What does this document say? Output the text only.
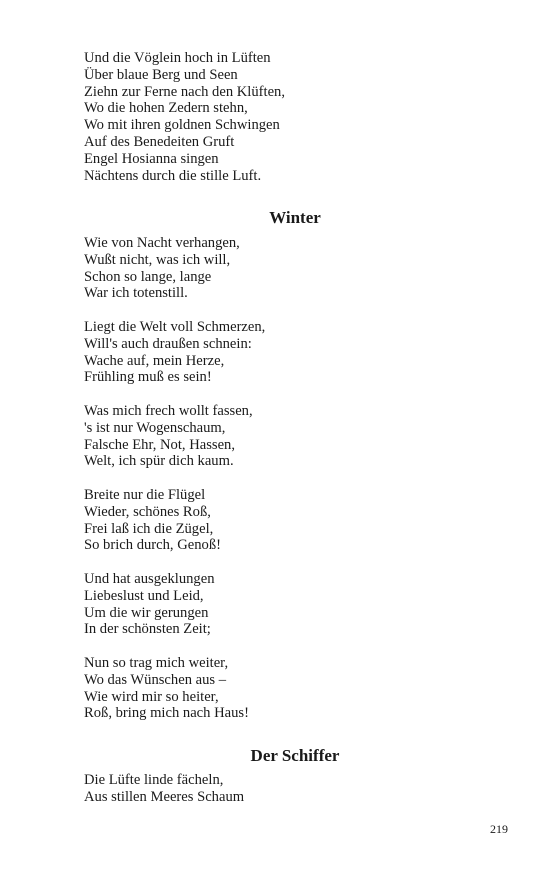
Und die Vöglein hoch in Lüften
Über blaue Berg und Seen
Ziehn zur Ferne nach den Klüften,
Wo die hohen Zedern stehn,
Wo mit ihren goldnen Schwingen
Auf des Benedeiten Gruft
Engel Hosianna singen
Nächtens durch die stille Luft.
Winter
Wie von Nacht verhangen,
Wußt nicht, was ich will,
Schon so lange, lange
War ich totenstill.
Liegt die Welt voll Schmerzen,
Will's auch draußen schnein:
Wache auf, mein Herze,
Frühling muß es sein!
Was mich frech wollt fassen,
's ist nur Wogenschaum,
Falsche Ehr, Not, Hassen,
Welt, ich spür dich kaum.
Breite nur die Flügel
Wieder, schönes Roß,
Frei laß ich die Zügel,
So brich durch, Genoß!
Und hat ausgeklungen
Liebeslust und Leid,
Um die wir gerungen
In der schönsten Zeit;
Nun so trag mich weiter,
Wo das Wünschen aus –
Wie wird mir so heiter,
Roß, bring mich nach Haus!
Der Schiffer
Die Lüfte linde fächeln,
Aus stillen Meeres Schaum
219
